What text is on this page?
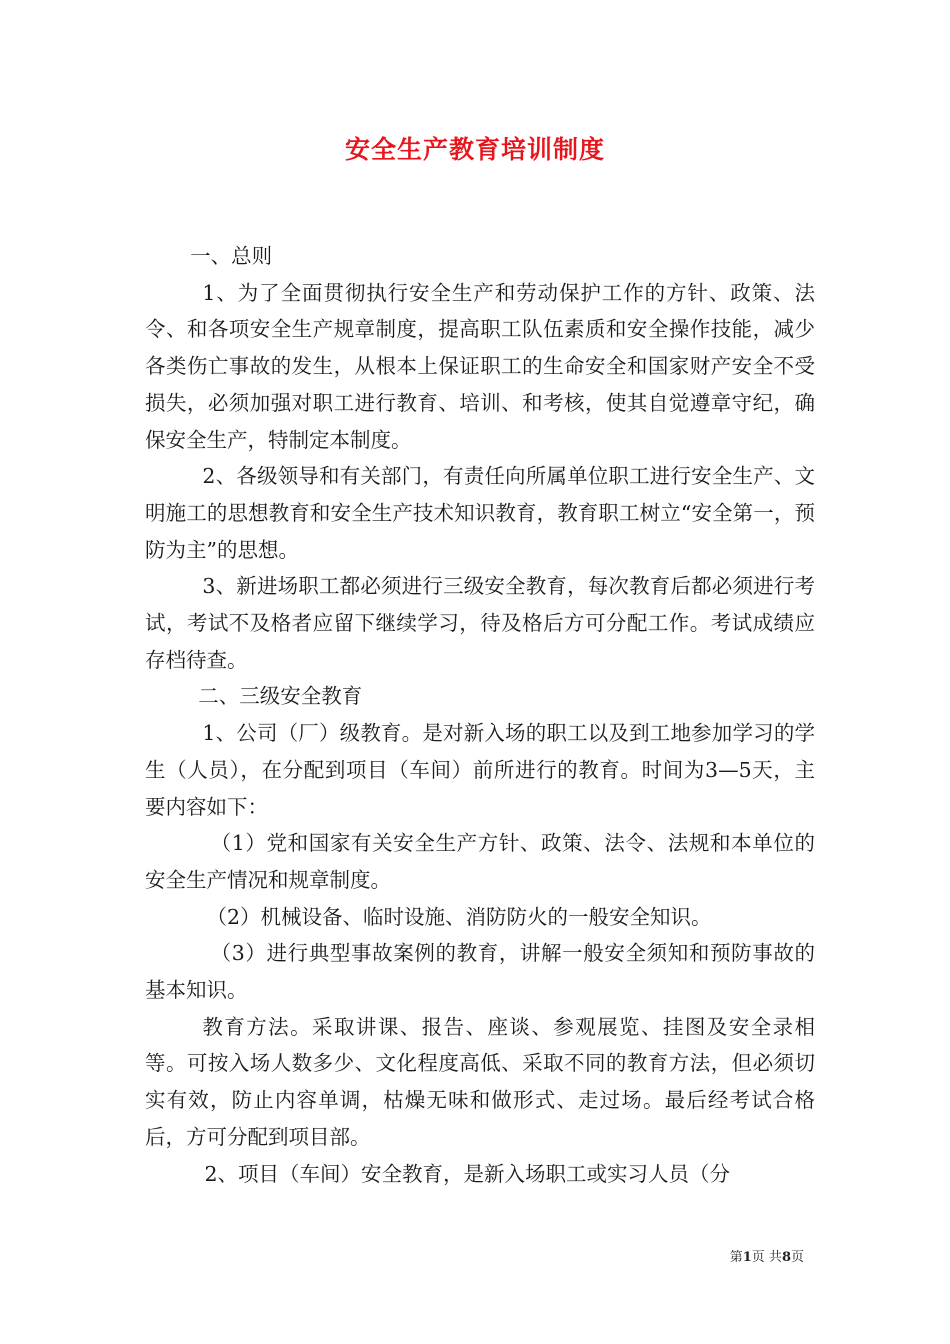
安全生产教育培训制度

一、总则

1、为了全面贯彻执行安全生产和劳动保护工作的方针、政策、法令、和各项安全生产规章制度，提高职工队伍素质和安全操作技能，减少各类伤亡事故的发生，从根本上保证职工的生命安全和国家财产安全不受损失，必须加强对职工进行教育、培训、和考核，使其自觉遵章守纪，确保安全生产，特制定本制度。

2、各级领导和有关部门，有责任向所属单位职工进行安全生产、文明施工的思想教育和安全生产技术知识教育，教育职工树立“安全第一，预防为主”的思想。

3、新进场职工都必须进行三级安全教育，每次教育后都必须进行考试，考试不及格者应留下继续学习，待及格后方可分配工作。考试成绩应存档待查。

二、三级安全教育

1、公司（厂）级教育。是对新入场的职工以及到工地参加学习的学生（人员），在分配到项目（车间）前所进行的教育。时间为3—5天，主要内容如下：

（1）党和国家有关安全生产方针、政策、法令、法规和本单位的安全生产情况和规章制度。

（2）机械设备、临时设施、消防防火的一般安全知识。

（3）进行典型事故案例的教育，讲解一般安全须知和预防事故的基本知识。

教育方法。采取讲课、报告、座谈、参观展览、挂图及安全录相等。可按入场人数多少、文化程度高低、采取不同的教育方法，但必须切实有效，防止内容单调，枯燥无味和做形式、走过场。最后经考试合格后，方可分配到项目部。

2、项目（车间）安全教育，是新入场职工或实习人员（分

第1页 共8页
